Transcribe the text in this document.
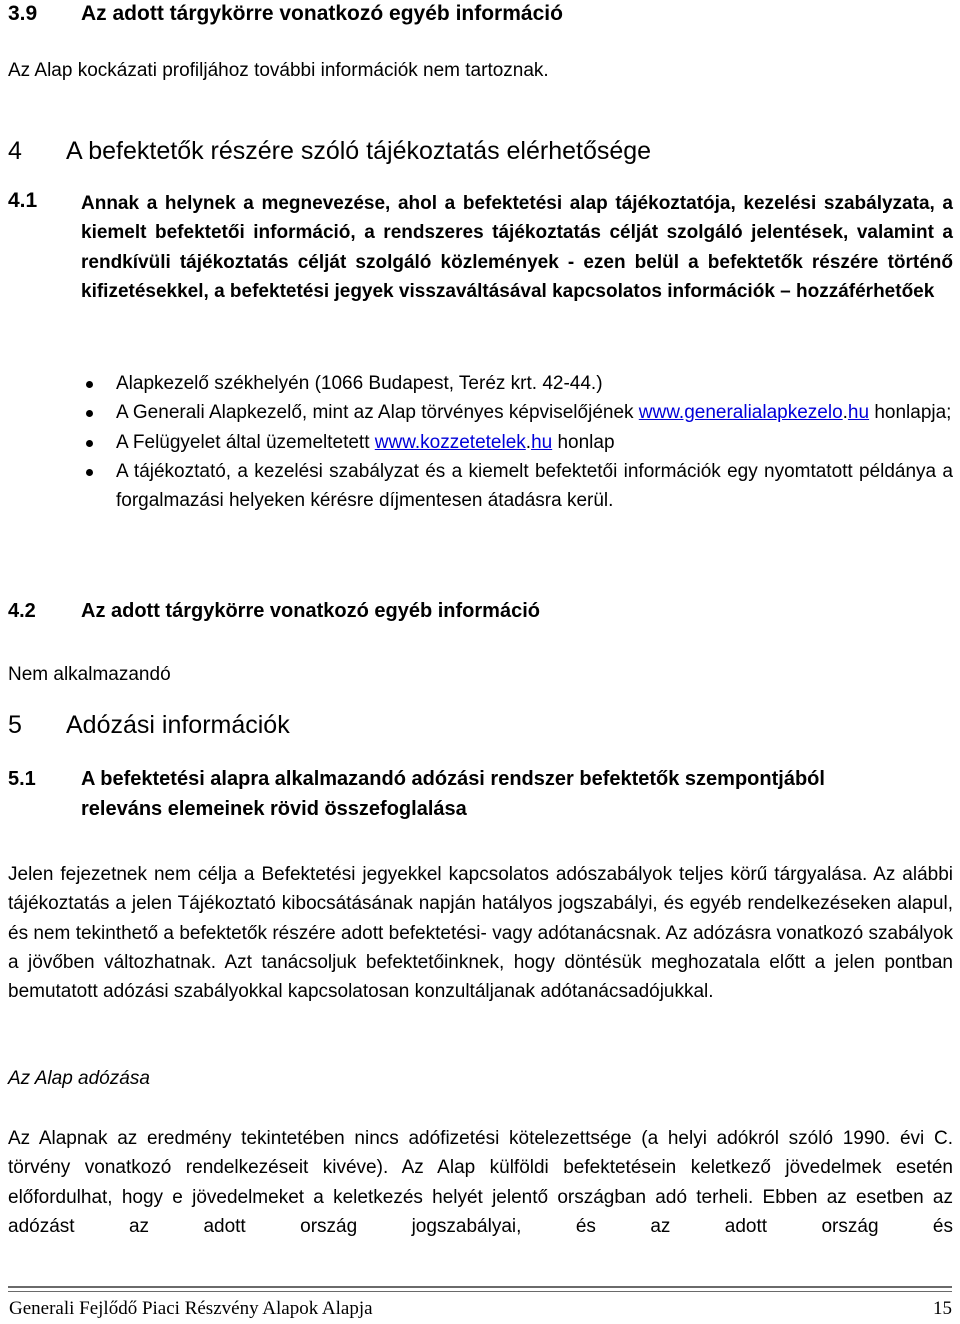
3.9 Az adott tárgykörre vonatkozó egyéb információ
Az Alap kockázati profiljához további információk nem tartoznak.
4 A befektetők részére szóló tájékoztatás elérhetősége
4.1 Annak a helynek a megnevezése, ahol a befektetési alap tájékoztatója, kezelési szabályzata, a kiemelt befektetői információ, a rendszeres tájékoztatás célját szolgáló jelentések, valamint a rendkívüli tájékoztatás célját szolgáló közlemények - ezen belül a befektetők részére történő kifizetésekkel, a befektetési jegyek visszaváltásával kapcsolatos információk – hozzáférhetőek
Alapkezelő székhelyén (1066 Budapest, Teréz krt. 42-44.)
A Generali Alapkezelő, mint az Alap törvényes képviselőjének www.generalialapkezelo.hu honlapja;
A Felügyelet által üzemeltetett www.kozzetetelek.hu honlap
A tájékoztató, a kezelési szabályzat és a kiemelt befektetői információk egy nyomtatott példánya a forgalmazási helyeken kérésre díjmentesen átadásra kerül.
4.2 Az adott tárgykörre vonatkozó egyéb információ
Nem alkalmazandó
5 Adózási információk
5.1 A befektetési alapra alkalmazandó adózási rendszer befektetők szempontjából
releváns elemeinek rövid összefoglalása
Jelen fejezetnek nem célja a Befektetési jegyekkel kapcsolatos adószabályok teljes körű tárgyalása. Az alábbi tájékoztatás a jelen Tájékoztató kibocsátásának napján hatályos jogszabályi, és egyéb rendelkezéseken alapul, és nem tekinthető a befektetők részére adott befektetési- vagy adótanácsnak. Az adózásra vonatkozó szabályok a jövőben változhatnak. Azt tanácsoljuk befektetőinknek, hogy döntésük meghozatala előtt a jelen pontban bemutatott adózási szabályokkal kapcsolatosan konzultáljanak adótanácsadójukkal.
Az Alap adózása
Az Alapnak az eredmény tekintetében nincs adófizetési kötelezettsége (a helyi adókról szóló 1990. évi C. törvény vonatkozó rendelkezéseit kivéve). Az Alap külföldi befektetésein keletkező jövedelmek esetén előfordulhat, hogy e jövedelmeket a keletkezés helyét jelentő országban adó terheli. Ebben az esetben az adózást az adott ország jogszabályai, és az adott ország és
Generali Fejlődő Piaci Részvény Alapok Alapja	15
